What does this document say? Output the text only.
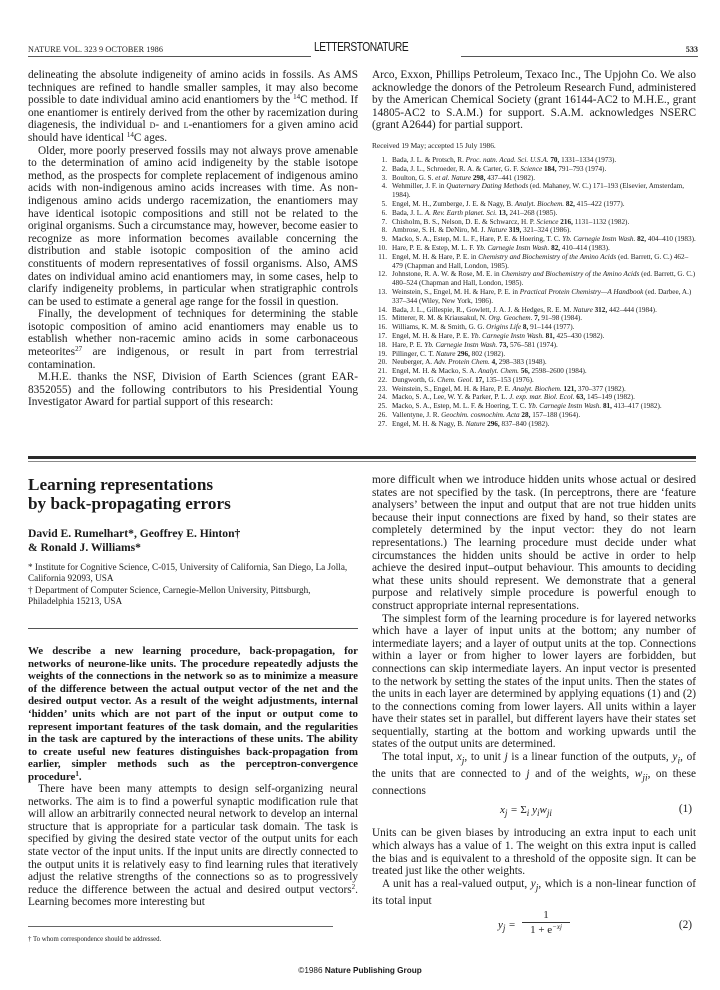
NATURE VOL. 323 9 OCTOBER 1986	LETTERSTONATURE	533

delineating the absolute indigeneity of amino acids in fossils. As AMS techniques are refined to handle smaller samples, it may also become possible to date individual amino acid enantiomers by the $^{14}$C method. If one enantiomer is entirely derived from the other by racemization during diagenesis, the individual d- and l-enantiomers for a given amino acid should have identical $^{14}$C ages.

Older, more poorly preserved fossils may not always prove amenable to the determination of amino acid indigeneity by the stable isotope method, as the prospects for complete replacement of indigenous amino acids with non-indigenous amino acids increases with time. As non-indigenous amino acids undergo racemization, the enantiomers may have identical isotopic compositions and still not be related to the original organisms. Such a circumstance may, however, become easier to recognize as more information becomes available concerning the distribution and stable isotopic composition of the amino acid constituents of modern representatives of fossil organisms. Also, AMS dates on individual amino acid enantiomers may, in some cases, help to clarify indigeneity problems, in particular when stratigraphic controls can be used to estimate a general age range for the fossil in question.

Finally, the development of techniques for determining the stable isotopic composition of amino acid enantiomers may enable us to establish whether non-racemic amino acids in some carbonaceous meteorites$^{27}$ are indigenous, or result in part from terrestrial contamination.

M.H.E. thanks the NSF, Division of Earth Sciences (grant EAR-8352055) and the following contributors to his Presidential Young Investigator Award for partial support of this research:

Arco, Exxon, Phillips Petroleum, Texaco Inc., The Upjohn Co. We also acknowledge the donors of the Petroleum Research Fund, administered by the American Chemical Society (grant 16144-AC2 to M.H.E., grant 14805-AC2 to S.A.M.) for support. S.A.M. acknowledges NSERC (grant A2644) for partial support.

Received 19 May; accepted 15 July 1986.
1. Bada, J. L. & Protsch, R. Proc. natn. Acad. Sci. U.S.A. 70, 1331–1334 (1973).
2. Bada, J. L., Schroeder, R. A. & Carter, G. F. Science 184, 791–793 (1974).
3. Boulton, G. S. et al. Nature 298, 437–441 (1982).
4. Wehmiller, J. F. in Quaternary Dating Methods (ed. Mahaney, W. C.) 171–193 (Elsevier, Amsterdam, 1984).
5. Engel, M. H., Zumberge, J. E. & Nagy, B. Analyt. Biochem. 82, 415–422 (1977).
6. Bada, J. L. A. Rev. Earth planet. Sci. 13, 241–268 (1985).
7. Chisholm, B. S., Nelson, D. E. & Schwarcz, H. P. Science 216, 1131–1132 (1982).
8. Ambrose, S. H. & DeNiro, M. J. Nature 319, 321–324 (1986).
9. Macko, S. A., Estep, M. L. F., Hare, P. E. & Hoering, T. C. Yb. Carnegie Instn Wash. 82, 404–410 (1983).
10. Hare, P. E. & Estep, M. L. F. Yb. Carnegie Instn Wash. 82, 410–414 (1983).
11. Engel, M. H. & Hare, P. E. in Chemistry and Biochemistry of the Amino Acids (ed. Barrett, G. C.) 462–479 (Chapman and Hall, London, 1985).
12. Johnstone, R. A. W. & Rose, M. E. in Chemistry and Biochemistry of the Amino Acids (ed. Barrett, G. C.) 480–524 (Chapman and Hall, London, 1985).
13. Weinstein, S., Engel, M. H. & Hare, P. E. in Practical Protein Chemistry—A Handbook (ed. Darbee, A.) 337–344 (Wiley, New York, 1986).
14. Bada, J. L., Gillespie, R., Gowlett, J. A. J. & Hedges, R. E. M. Nature 312, 442–444 (1984).
15. Mitterer, R. M. & Kriausakul, N. Org. Geochem. 7, 91–98 (1984).
16. Williams, K. M. & Smith, G. G. Origins Life 8, 91–144 (1977).
17. Engel, M. H. & Hare, P. E. Yb. Carnegie Instn Wash. 81, 425–430 (1982).
18. Hare, P. E. Yb. Carnegie Instn Wash. 73, 576–581 (1974).
19. Pillinger, C. T. Nature 296, 802 (1982).
20. Neuberger, A. Adv. Protein Chem. 4, 298–383 (1948).
21. Engel, M. H. & Macko, S. A. Analyt. Chem. 56, 2598–2600 (1984).
22. Dungworth, G. Chem. Geol. 17, 135–153 (1976).
23. Weinstein, S., Engel, M. H. & Hare, P. E. Analyt. Biochem. 121, 370–377 (1982).
24. Macko, S. A., Lee, W. Y. & Parker, P. L. J. exp. mar. Biol. Ecol. 63, 145–149 (1982).
25. Macko, S. A., Estep, M. L. F. & Hoering, T. C. Yb. Carnegie Instn Wash. 81, 413–417 (1982).
26. Vallentyne, J. R. Geochim. cosmochim. Acta 28, 157–188 (1964).
27. Engel, M. H. & Nagy, B. Nature 296, 837–840 (1982).
Learning representations
by back-propagating errors
David E. Rumelhart*, Geoffrey E. Hinton†
& Ronald J. Williams*
* Institute for Cognitive Science, C-015, University of California, San Diego, La Jolla, California 92093, USA
† Department of Computer Science, Carnegie-Mellon University, Pittsburgh, Philadelphia 15213, USA
We describe a new learning procedure, back-propagation, for networks of neurone-like units. The procedure repeatedly adjusts the weights of the connections in the network so as to minimize a measure of the difference between the actual output vector of the net and the desired output vector. As a result of the weight adjustments, internal ‘hidden’ units which are not part of the input or output come to represent important features of the task domain, and the regularities in the task are captured by the interactions of these units. The ability to create useful new features distinguishes back-propagation from earlier, simpler methods such as the perceptron-convergence procedure$^1$.

There have been many attempts to design self-organizing neural networks. The aim is to find a powerful synaptic modification rule that will allow an arbitrarily connected neural network to develop an internal structure that is appropriate for a particular task domain. The task is specified by giving the desired state vector of the output units for each state vector of the input units. If the input units are directly connected to the output units it is relatively easy to find learning rules that iteratively adjust the relative strengths of the connections so as to progressively reduce the difference between the actual and desired output vectors$^2$. Learning becomes more interesting but

† To whom correspondence should be addressed.

more difficult when we introduce hidden units whose actual or desired states are not specified by the task. (In perceptrons, there are ‘feature analysers’ between the input and output that are not true hidden units because their input connections are fixed by hand, so their states are completely determined by the input vector: they do not learn representations.) The learning procedure must decide under what circumstances the hidden units should be active in order to help achieve the desired input–output behaviour. This amounts to deciding what these units should represent. We demonstrate that a general purpose and relatively simple procedure is powerful enough to construct appropriate internal representations.

The simplest form of the learning procedure is for layered networks which have a layer of input units at the bottom; any number of intermediate layers; and a layer of output units at the top. Connections within a layer or from higher to lower layers are forbidden, but connections can skip intermediate layers. An input vector is presented to the network by setting the states of the input units. Then the states of the units in each layer are determined by applying equations (1) and (2) to the connections coming from lower layers. All units within a layer have their states set in parallel, but different layers have their states set sequentially, starting at the bottom and working upwards until the states of the output units are determined.

The total input, $x_j$, to unit j is a linear function of the outputs, $y_i$, of the units that are connected to j and of the weights, $w_{ji}$, on these connections

$x_j = \Sigma_i$ $y_iw_{ji}$	(1)

Units can be given biases by introducing an extra input to each unit which always has a value of 1. The weight on this extra input is called the bias and is equivalent to a threshold of the opposite sign. It can be treated just like the other weights.

A unit has a real-valued output, $y_j$, which is a non-linear function of its total input

$y_j = \frac{1}{1 + e^{-xj}}$	(2)
©1986 Nature Publishing Group
